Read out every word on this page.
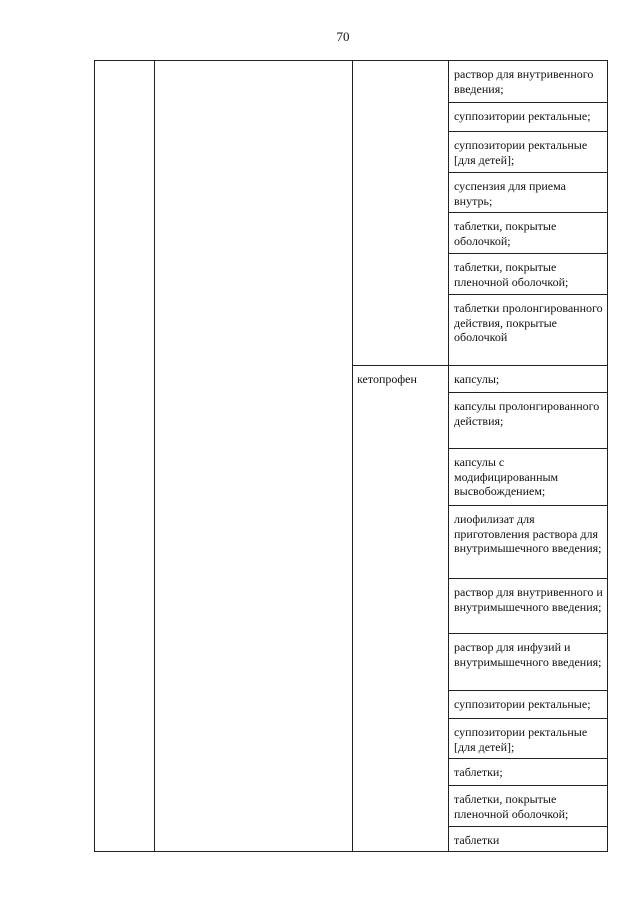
70
раствор для внутривенного введения;
суппозитории ректальные;
суппозитории ректальные [для детей];
суспензия для приема внутрь;
таблетки, покрытые оболочкой;
таблетки, покрытые пленочной оболочкой;
таблетки пролонгированного действия, покрытые оболочкой
кетопрофен	капсулы;
капсулы пролонгированного действия;
капсулы с модифицированным высвобождением;
лиофилизат для приготовления раствора для внутримышечного введения;
раствор для внутривенного и внутримышечного введения;
раствор для инфузий и внутримышечного введения;
суппозитории ректальные;
суппозитории ректальные [для детей];
таблетки;
таблетки, покрытые пленочной оболочкой;
таблетки
